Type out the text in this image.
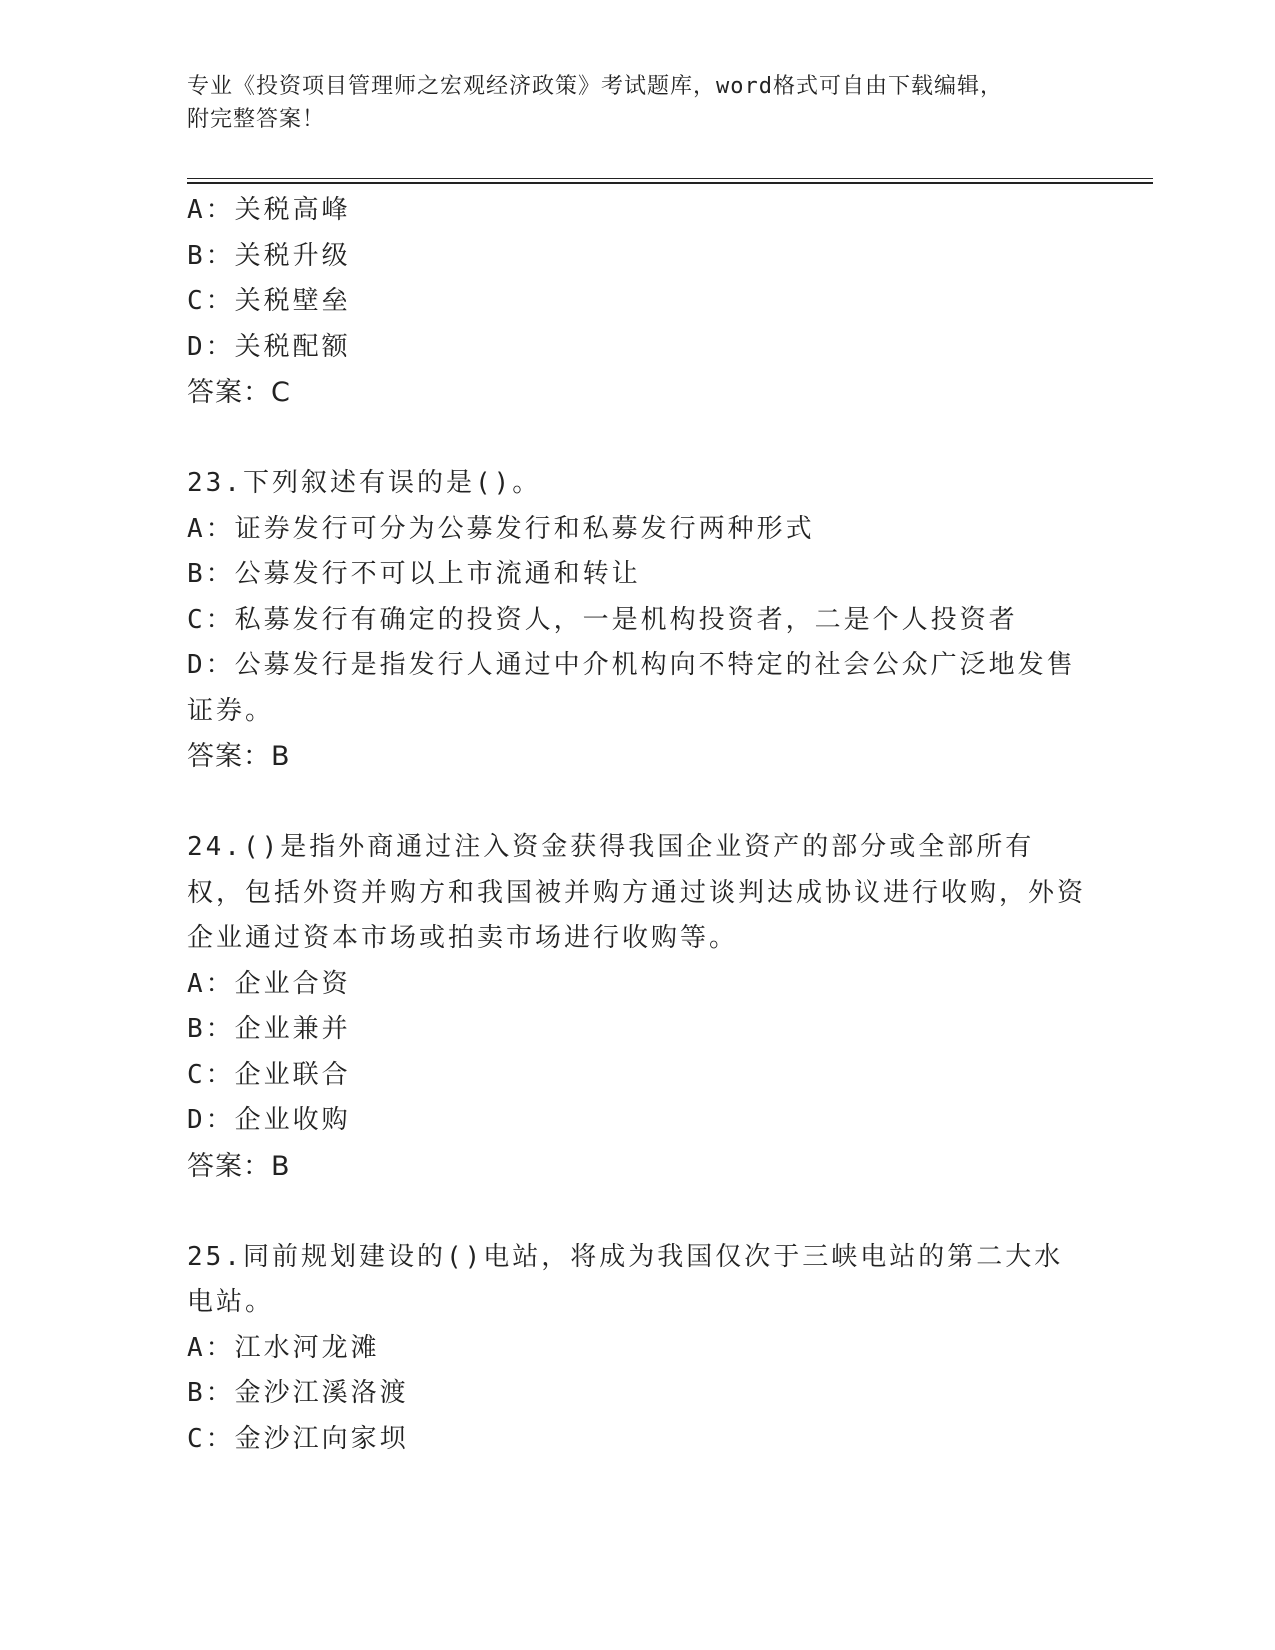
专业《投资项目管理师之宏观经济政策》考试题库，word格式可自由下载编辑，
附完整答案！
A：关税高峰
B：关税升级
C：关税壁垒
D：关税配额
答案：C
23.下列叙述有误的是()。
A：证券发行可分为公募发行和私募发行两种形式
B：公募发行不可以上市流通和转让
C：私募发行有确定的投资人，一是机构投资者，二是个人投资者
D：公募发行是指发行人通过中介机构向不特定的社会公众广泛地发售证券。
答案：B
24.()是指外商通过注入资金获得我国企业资产的部分或全部所有权，包括外资并购方和我国被并购方通过谈判达成协议进行收购，外资企业通过资本市场或拍卖市场进行收购等。
A：企业合资
B：企业兼并
C：企业联合
D：企业收购
答案：B
25.同前规划建设的()电站，将成为我国仅次于三峡电站的第二大水电站。
A：江水河龙滩
B：金沙江溪洛渡
C：金沙江向家坝
